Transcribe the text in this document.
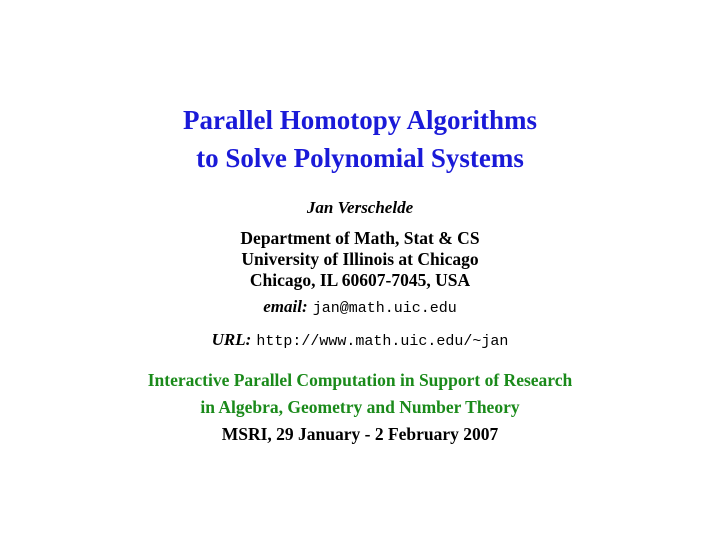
Parallel Homotopy Algorithms
to Solve Polynomial Systems
Jan Verschelde
Department of Math, Stat & CS
University of Illinois at Chicago
Chicago, IL 60607-7045, USA
email: jan@math.uic.edu
URL: http://www.math.uic.edu/~jan
Interactive Parallel Computation in Support of Research
in Algebra, Geometry and Number Theory
MSRI, 29 January - 2 February 2007
